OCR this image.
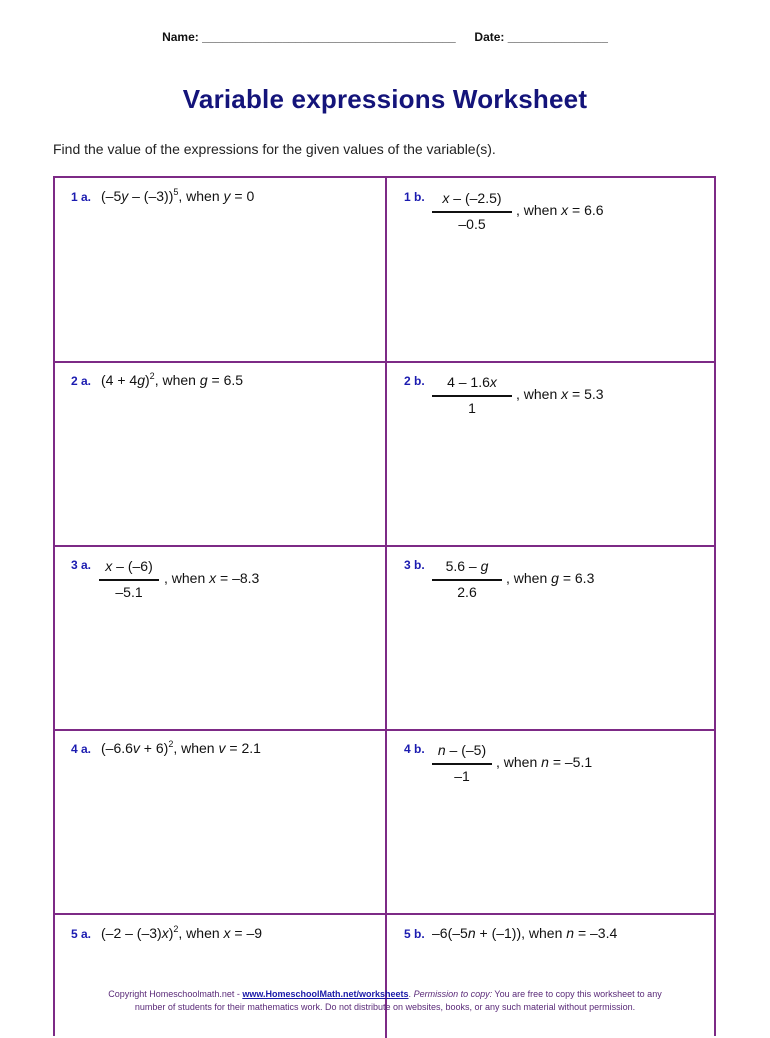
Name: ______________________________________ Date: _______________
Variable expressions Worksheet
Find the value of the expressions for the given values of the variable(s).
1 a. (–5y – (–3))$^5$, when y = 0	1 b.	x – (–2.5)
–0.5
, when x = 6.6
2 a. $(4 + 4g)^2$, when g = 6.5	2 b.	4 – 1.6x
1
, when x = 5.3
3 a.	x – (–6)
–5.1
, when x = –8.3
3 b.	5.6 – g
2.6
, when g = 6.3
4 a. $(-6.6v + 6)^2$, when v = 2.1	4 b. n – (–5)
–1
, when n = –5.1
5 a. (–2 – (–3)x)$^2$, when x = –9	5 b. –6(–5n + (–1)), when n = –3.4
Copyright Homeschoolmath.net - www.HomeschoolMath.net/worksheets. Permission to copy: You are free to copy this worksheet to any
number of students for their mathematics work. Do not distribute on websites, books, or any such material without permission.
